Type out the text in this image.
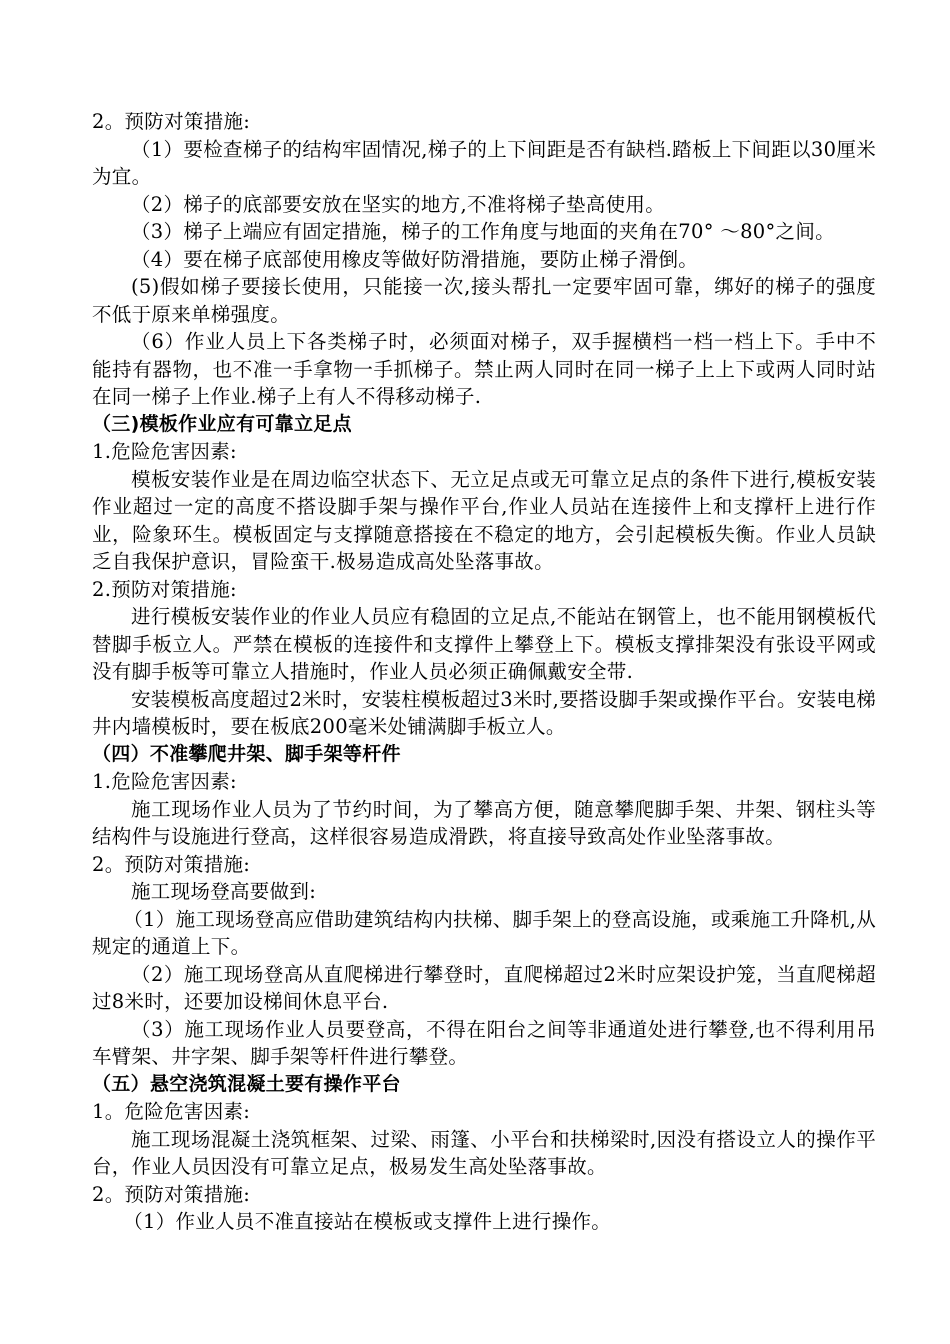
2。预防对策措施:

（1）要检查梯子的结构牢固情况,梯子的上下间距是否有缺档.踏板上下间距以30厘米为宜。

（2）梯子的底部要安放在坚实的地方,不准将梯子垫高使用。

（3）梯子上端应有固定措施，梯子的工作角度与地面的夹角在70° ～80°之间。

（4）要在梯子底部使用橡皮等做好防滑措施，要防止梯子滑倒。

(5)假如梯子要接长使用，只能接一次,接头帮扎一定要牢固可靠，绑好的梯子的强度不低于原来单梯强度。

（6）作业人员上下各类梯子时，必须面对梯子，双手握横档一档一档上下。手中不能持有器物，也不准一手拿物一手抓梯子。禁止两人同时在同一梯子上上下或两人同时站在同一梯子上作业.梯子上有人不得移动梯子.

（三)模板作业应有可靠立足点

1.危险危害因素:

模板安装作业是在周边临空状态下、无立足点或无可靠立足点的条件下进行,模板安装作业超过一定的高度不搭设脚手架与操作平台,作业人员站在连接件上和支撑杆上进行作业，险象环生。模板固定与支撑随意搭接在不稳定的地方，会引起模板失衡。作业人员缺乏自我保护意识，冒险蛮干.极易造成高处坠落事故。

2.预防对策措施:

进行模板安装作业的作业人员应有稳固的立足点,不能站在钢管上，也不能用钢模板代替脚手板立人。严禁在模板的连接件和支撑件上攀登上下。模板支撑排架没有张设平网或没有脚手板等可靠立人措施时，作业人员必须正确佩戴安全带.

安装模板高度超过2米时，安装柱模板超过3米时,要搭设脚手架或操作平台。安装电梯井内墙模板时，要在板底200毫米处铺满脚手板立人。

（四）不准攀爬井架、脚手架等杆件

1.危险危害因素:

施工现场作业人员为了节约时间，为了攀高方便，随意攀爬脚手架、井架、钢柱头等结构件与设施进行登高，这样很容易造成滑跌，将直接导致高处作业坠落事故。

2。预防对策措施:

施工现场登高要做到:

（1）施工现场登高应借助建筑结构内扶梯、脚手架上的登高设施，或乘施工升降机,从规定的通道上下。

（2）施工现场登高从直爬梯进行攀登时，直爬梯超过2米时应架设护笼，当直爬梯超过8米时，还要加设梯间休息平台.

（3）施工现场作业人员要登高，不得在阳台之间等非通道处进行攀登,也不得利用吊车臂架、井字架、脚手架等杆件进行攀登。

（五）悬空浇筑混凝土要有操作平台

1。危险危害因素:

施工现场混凝土浇筑框架、过梁、雨篷、小平台和扶梯梁时,因没有搭设立人的操作平台，作业人员因没有可靠立足点，极易发生高处坠落事故。

2。预防对策措施:

（1）作业人员不准直接站在模板或支撑件上进行操作。
